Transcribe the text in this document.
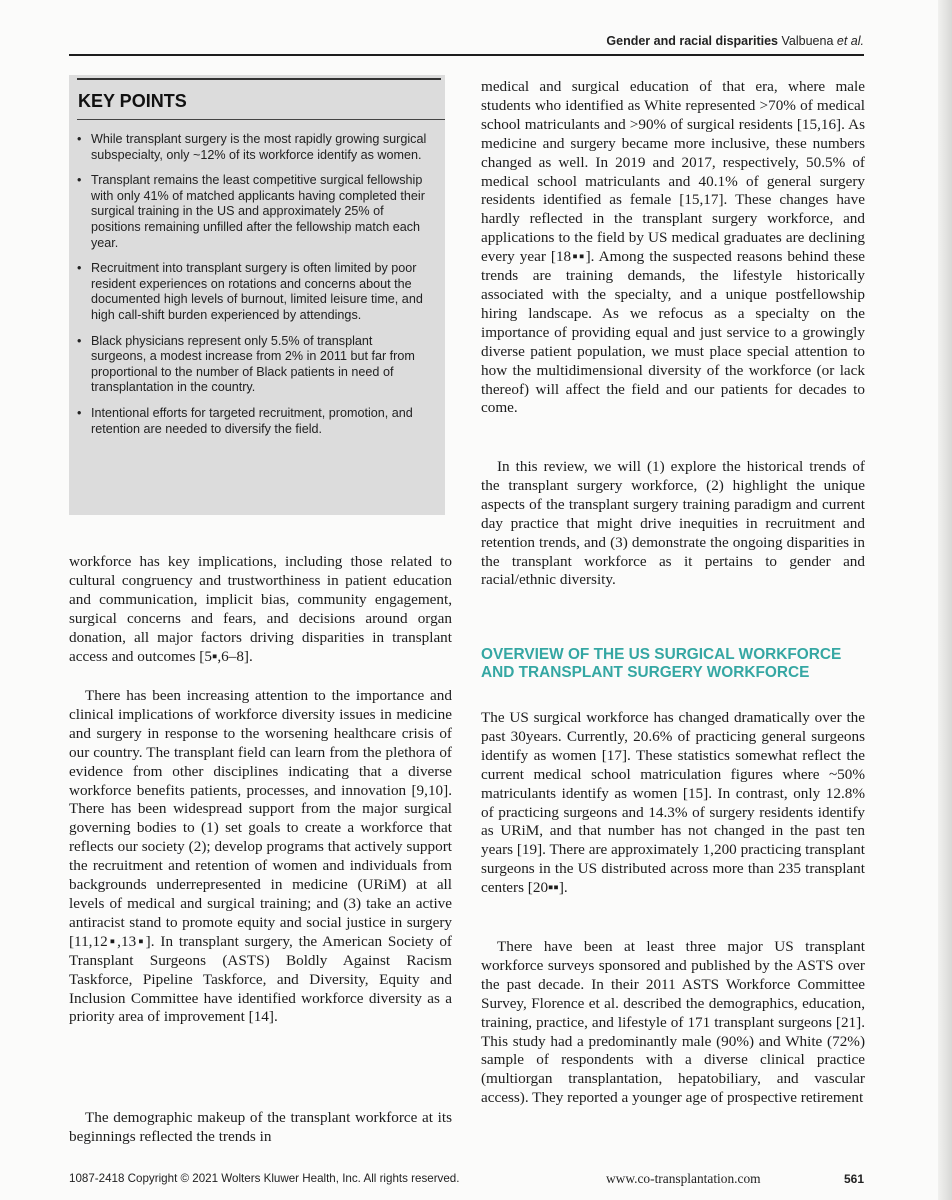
Gender and racial disparities Valbuena et al.
KEY POINTS
• While transplant surgery is the most rapidly growing surgical subspecialty, only ~12% of its workforce identify as women.
• Transplant remains the least competitive surgical fellowship with only 41% of matched applicants having completed their surgical training in the US and approximately 25% of positions remaining unfilled after the fellowship match each year.
• Recruitment into transplant surgery is often limited by poor resident experiences on rotations and concerns about the documented high levels of burnout, limited leisure time, and high call-shift burden experienced by attendings.
• Black physicians represent only 5.5% of transplant surgeons, a modest increase from 2% in 2011 but far from proportional to the number of Black patients in need of transplantation in the country.
• Intentional efforts for targeted recruitment, promotion, and retention are needed to diversify the field.

workforce has key implications, including those related to cultural congruency and trustworthiness in patient education and communication, implicit bias, community engagement, surgical concerns and fears, and decisions around organ donation, all major factors driving disparities in transplant access and outcomes [5▪,6–8].

There has been increasing attention to the importance and clinical implications of workforce diversity issues in medicine and surgery in response to the worsening healthcare crisis of our country. The transplant field can learn from the plethora of evidence from other disciplines indicating that a diverse workforce benefits patients, processes, and innovation [9,10]. There has been widespread support from the major surgical governing bodies to (1) set goals to create a workforce that reflects our society (2); develop programs that actively support the recruitment and retention of women and individuals from backgrounds underrepresented in medicine (URiM) at all levels of medical and surgical training; and (3) take an active antiracist stand to promote equity and social justice in surgery [11,12▪,13▪]. In transplant surgery, the American Society of Transplant Surgeons (ASTS) Boldly Against Racism Taskforce, Pipeline Taskforce, and Diversity, Equity and Inclusion Committee have identified workforce diversity as a priority area of improvement [14].

The demographic makeup of the transplant workforce at its beginnings reflected the trends in

medical and surgical education of that era, where male students who identified as White represented >70% of medical school matriculants and >90% of surgical residents [15,16]. As medicine and surgery became more inclusive, these numbers changed as well. In 2019 and 2017, respectively, 50.5% of medical school matriculants and 40.1% of general surgery residents identified as female [15,17]. These changes have hardly reflected in the transplant surgery workforce, and applications to the field by US medical graduates are declining every year [18▪▪]. Among the suspected reasons behind these trends are training demands, the lifestyle historically associated with the specialty, and a unique postfellowship hiring landscape. As we refocus as a specialty on the importance of providing equal and just service to a growingly diverse patient population, we must place special attention to how the multidimensional diversity of the workforce (or lack thereof) will affect the field and our patients for decades to come.

In this review, we will (1) explore the historical trends of the transplant surgery workforce, (2) highlight the unique aspects of the transplant surgery training paradigm and current day practice that might drive inequities in recruitment and retention trends, and (3) demonstrate the ongoing disparities in the transplant workforce as it pertains to gender and racial/ethnic diversity.

OVERVIEW OF THE US SURGICAL WORKFORCE AND TRANSPLANT SURGERY WORKFORCE

The US surgical workforce has changed dramatically over the past 30years. Currently, 20.6% of practicing general surgeons identify as women [17]. These statistics somewhat reflect the current medical school matriculation figures where ~50% matriculants identify as women [15]. In contrast, only 12.8% of practicing surgeons and 14.3% of surgery residents identify as URiM, and that number has not changed in the past ten years [19]. There are approximately 1,200 practicing transplant surgeons in the US distributed across more than 235 transplant centers [20▪▪].

There have been at least three major US transplant workforce surveys sponsored and published by the ASTS over the past decade. In their 2011 ASTS Workforce Committee Survey, Florence et al. described the demographics, education, training, practice, and lifestyle of 171 transplant surgeons [21]. This study had a predominantly male (90%) and White (72%) sample of respondents with a diverse clinical practice (multiorgan transplantation, hepatobiliary, and vascular access). They reported a younger age of prospective retirement

1087-2418 Copyright © 2021 Wolters Kluwer Health, Inc. All rights reserved.	www.co-transplantation.com	561
